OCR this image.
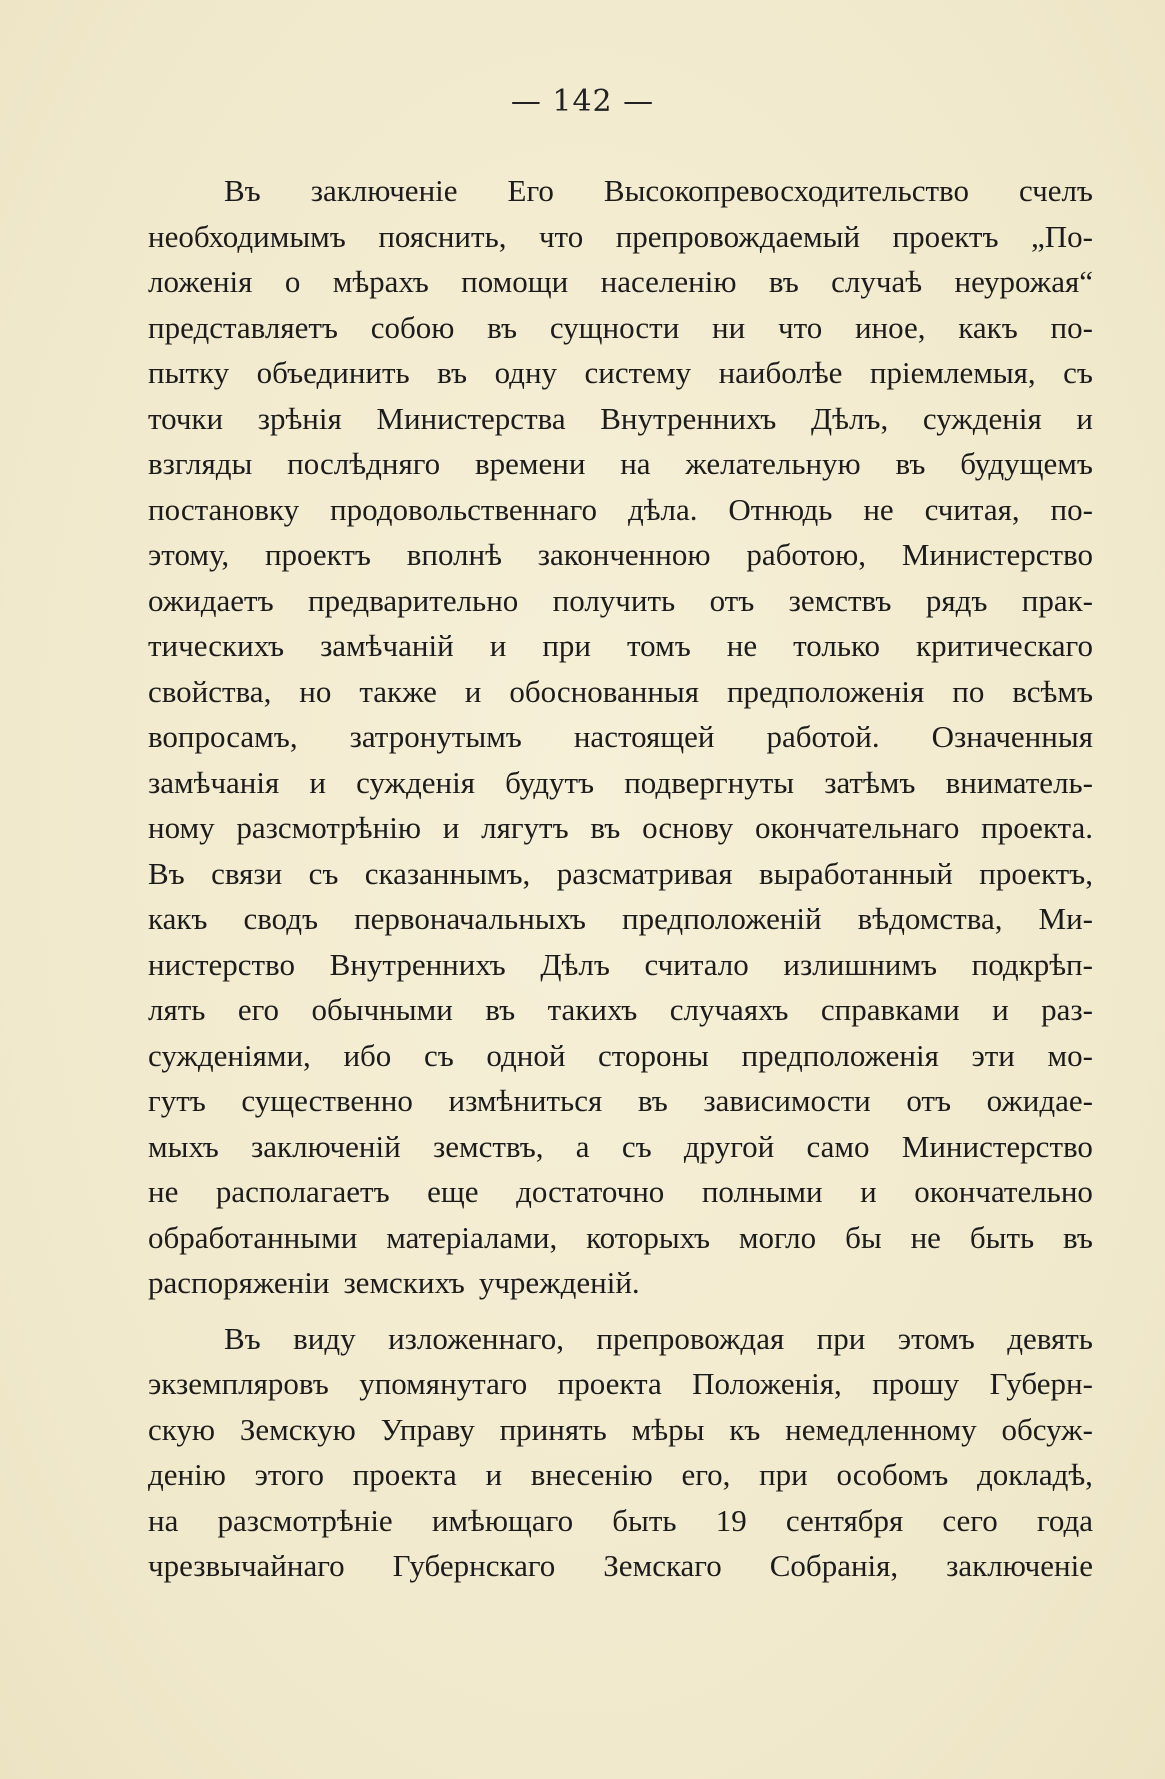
— 142 —
Въ заключеніе Его Высокопревосходительство счелъ
необходимымъ пояснить, что препровождаемый проектъ „По-
ложенія о мѣрахъ помощи населенію въ случаѣ неурожая“
представляетъ собою въ сущности ни что иное, какъ по-
пытку объединить въ одну систему наиболѣе пріемлемыя, съ
точки зрѣнія Министерства Внутреннихъ Дѣлъ, сужденія и
взгляды послѣдняго времени на желательную въ будущемъ
постановку продовольственнаго дѣла. Отнюдь не считая, по-
этому, проектъ вполнѣ законченною работою, Министерство
ожидаетъ предварительно получить отъ земствъ рядъ прак-
тическихъ замѣчаній и при томъ не только критическаго
свойства, но также и обоснованныя предположенія по всѣмъ
вопросамъ, затронутымъ настоящей работой. Означенныя
замѣчанія и сужденія будутъ подвергнуты затѣмъ вниматель-
ному разсмотрѣнію и лягутъ въ основу окончательнаго проекта.
Въ связи съ сказаннымъ, разсматривая выработанный проектъ,
какъ сводъ первоначальныхъ предположеній вѣдомства, Ми-
нистерство Внутреннихъ Дѣлъ считало излишнимъ подкрѣп-
лять его обычными въ такихъ случаяхъ справками и раз-
сужденіями, ибо съ одной стороны предположенія эти мо-
гутъ существенно измѣниться въ зависимости отъ ожидае-
мыхъ заключеній земствъ, а съ другой само Министерство
не располагаетъ еще достаточно полными и окончательно
обработанными матеріалами, которыхъ могло бы не быть въ
распоряженіи земскихъ учрежденій.
Въ виду изложеннаго, препровождая при этомъ девять
экземпляровъ упомянутаго проекта Положенія, прошу Губерн-
скую Земскую Управу принять мѣры къ немедленному обсуж-
денію этого проекта и внесенію его, при особомъ докладѣ,
на разсмотрѣніе имѣющаго быть 19 сентября сего года
чрезвычайнаго Губернскаго Земскаго Собранія, заключеніе
